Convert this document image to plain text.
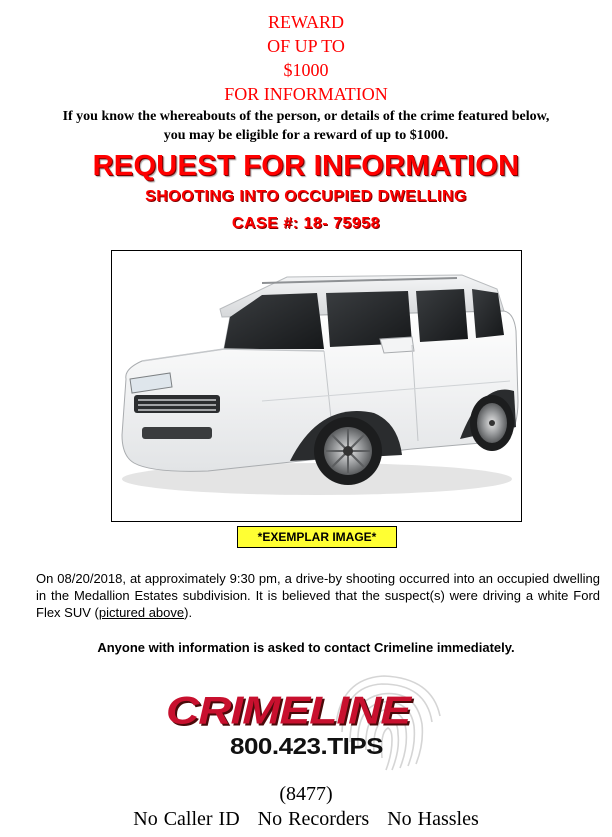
REWARD
OF UP TO
$1000
FOR INFORMATION
If you know the whereabouts of the person, or details of the crime featured below,
you may be eligible for a reward of up to $1000.
REQUEST FOR INFORMATION
SHOOTING INTO OCCUPIED DWELLING
CASE #: 18- 75958
*EXEMPLAR IMAGE*
On 08/20/2018, at approximately 9:30 pm, a drive-by shooting occurred into an occupied dwelling in the Medallion Estates subdivision. It is believed that the suspect(s) were driving a white Ford Flex SUV (pictured above).
Anyone with information is asked to contact Crimeline immediately.
CRIMELINE
800.423.TIPS
(8477)
No Caller ID No Recorders No Hassles
